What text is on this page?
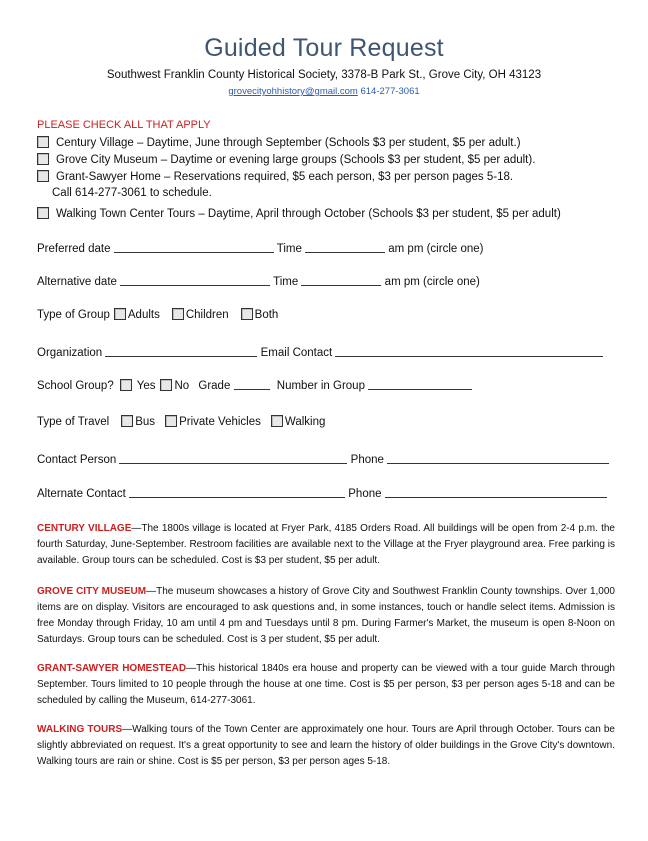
Guided Tour Request
Southwest Franklin County Historical Society, 3378-B Park St., Grove City, OH 43123
grovecityohhistory@gmail.com 614-277-3061
PLEASE CHECK ALL THAT APPLY
Century Village – Daytime, June through September (Schools $3 per student, $5 per adult.)
Grove City Museum – Daytime or evening large groups (Schools $3 per student, $5 per adult).
Grant-Sawyer Home – Reservations required, $5 each person, $3 per person pages 5-18.
Call 614-277-3061 to schedule.
Walking Town Center Tours – Daytime, April through October (Schools $3 per student, $5 per adult)
Preferred date	Time	am pm (circle one)
Alternative date	Time	am pm (circle one)
Type of Group Adults Children Both
Organization	Email Contact
School Group? Yes No Grade	Number in Group
Type of Travel Bus Private Vehicles Walking
Contact Person	Phone
Alternate Contact	Phone
CENTURY VILLAGE—The 1800s village is located at Fryer Park, 4185 Orders Road. All buildings will be open from 2-4 p.m. the fourth Saturday, June-September. Restroom facilities are available next to the Village at the Fryer playground area. Free parking is available. Group tours can be scheduled. Cost is $3 per student, $5 per adult.
GROVE CITY MUSEUM—The museum showcases a history of Grove City and Southwest Franklin County townships. Over 1,000 items are on display. Visitors are encouraged to ask questions and, in some instances, touch or handle select items. Admission is free Monday through Friday, 10 am until 4 pm and Tuesdays until 8 pm. During Farmer's Market, the museum is open 8-Noon on Saturdays. Group tours can be scheduled. Cost is 3 per student, $5 per adult.
GRANT-SAWYER HOMESTEAD—This historical 1840s era house and property can be viewed with a tour guide March through September. Tours limited to 10 people through the house at one time. Cost is $5 per person, $3 per person ages 5-18 and can be scheduled by calling the Museum, 614-277-3061.
WALKING TOURS—Walking tours of the Town Center are approximately one hour. Tours are April through October. Tours can be slightly abbreviated on request. It's a great opportunity to see and learn the history of older buildings in the Grove City's downtown. Walking tours are rain or shine. Cost is $5 per person, $3 per person ages 5-18.
